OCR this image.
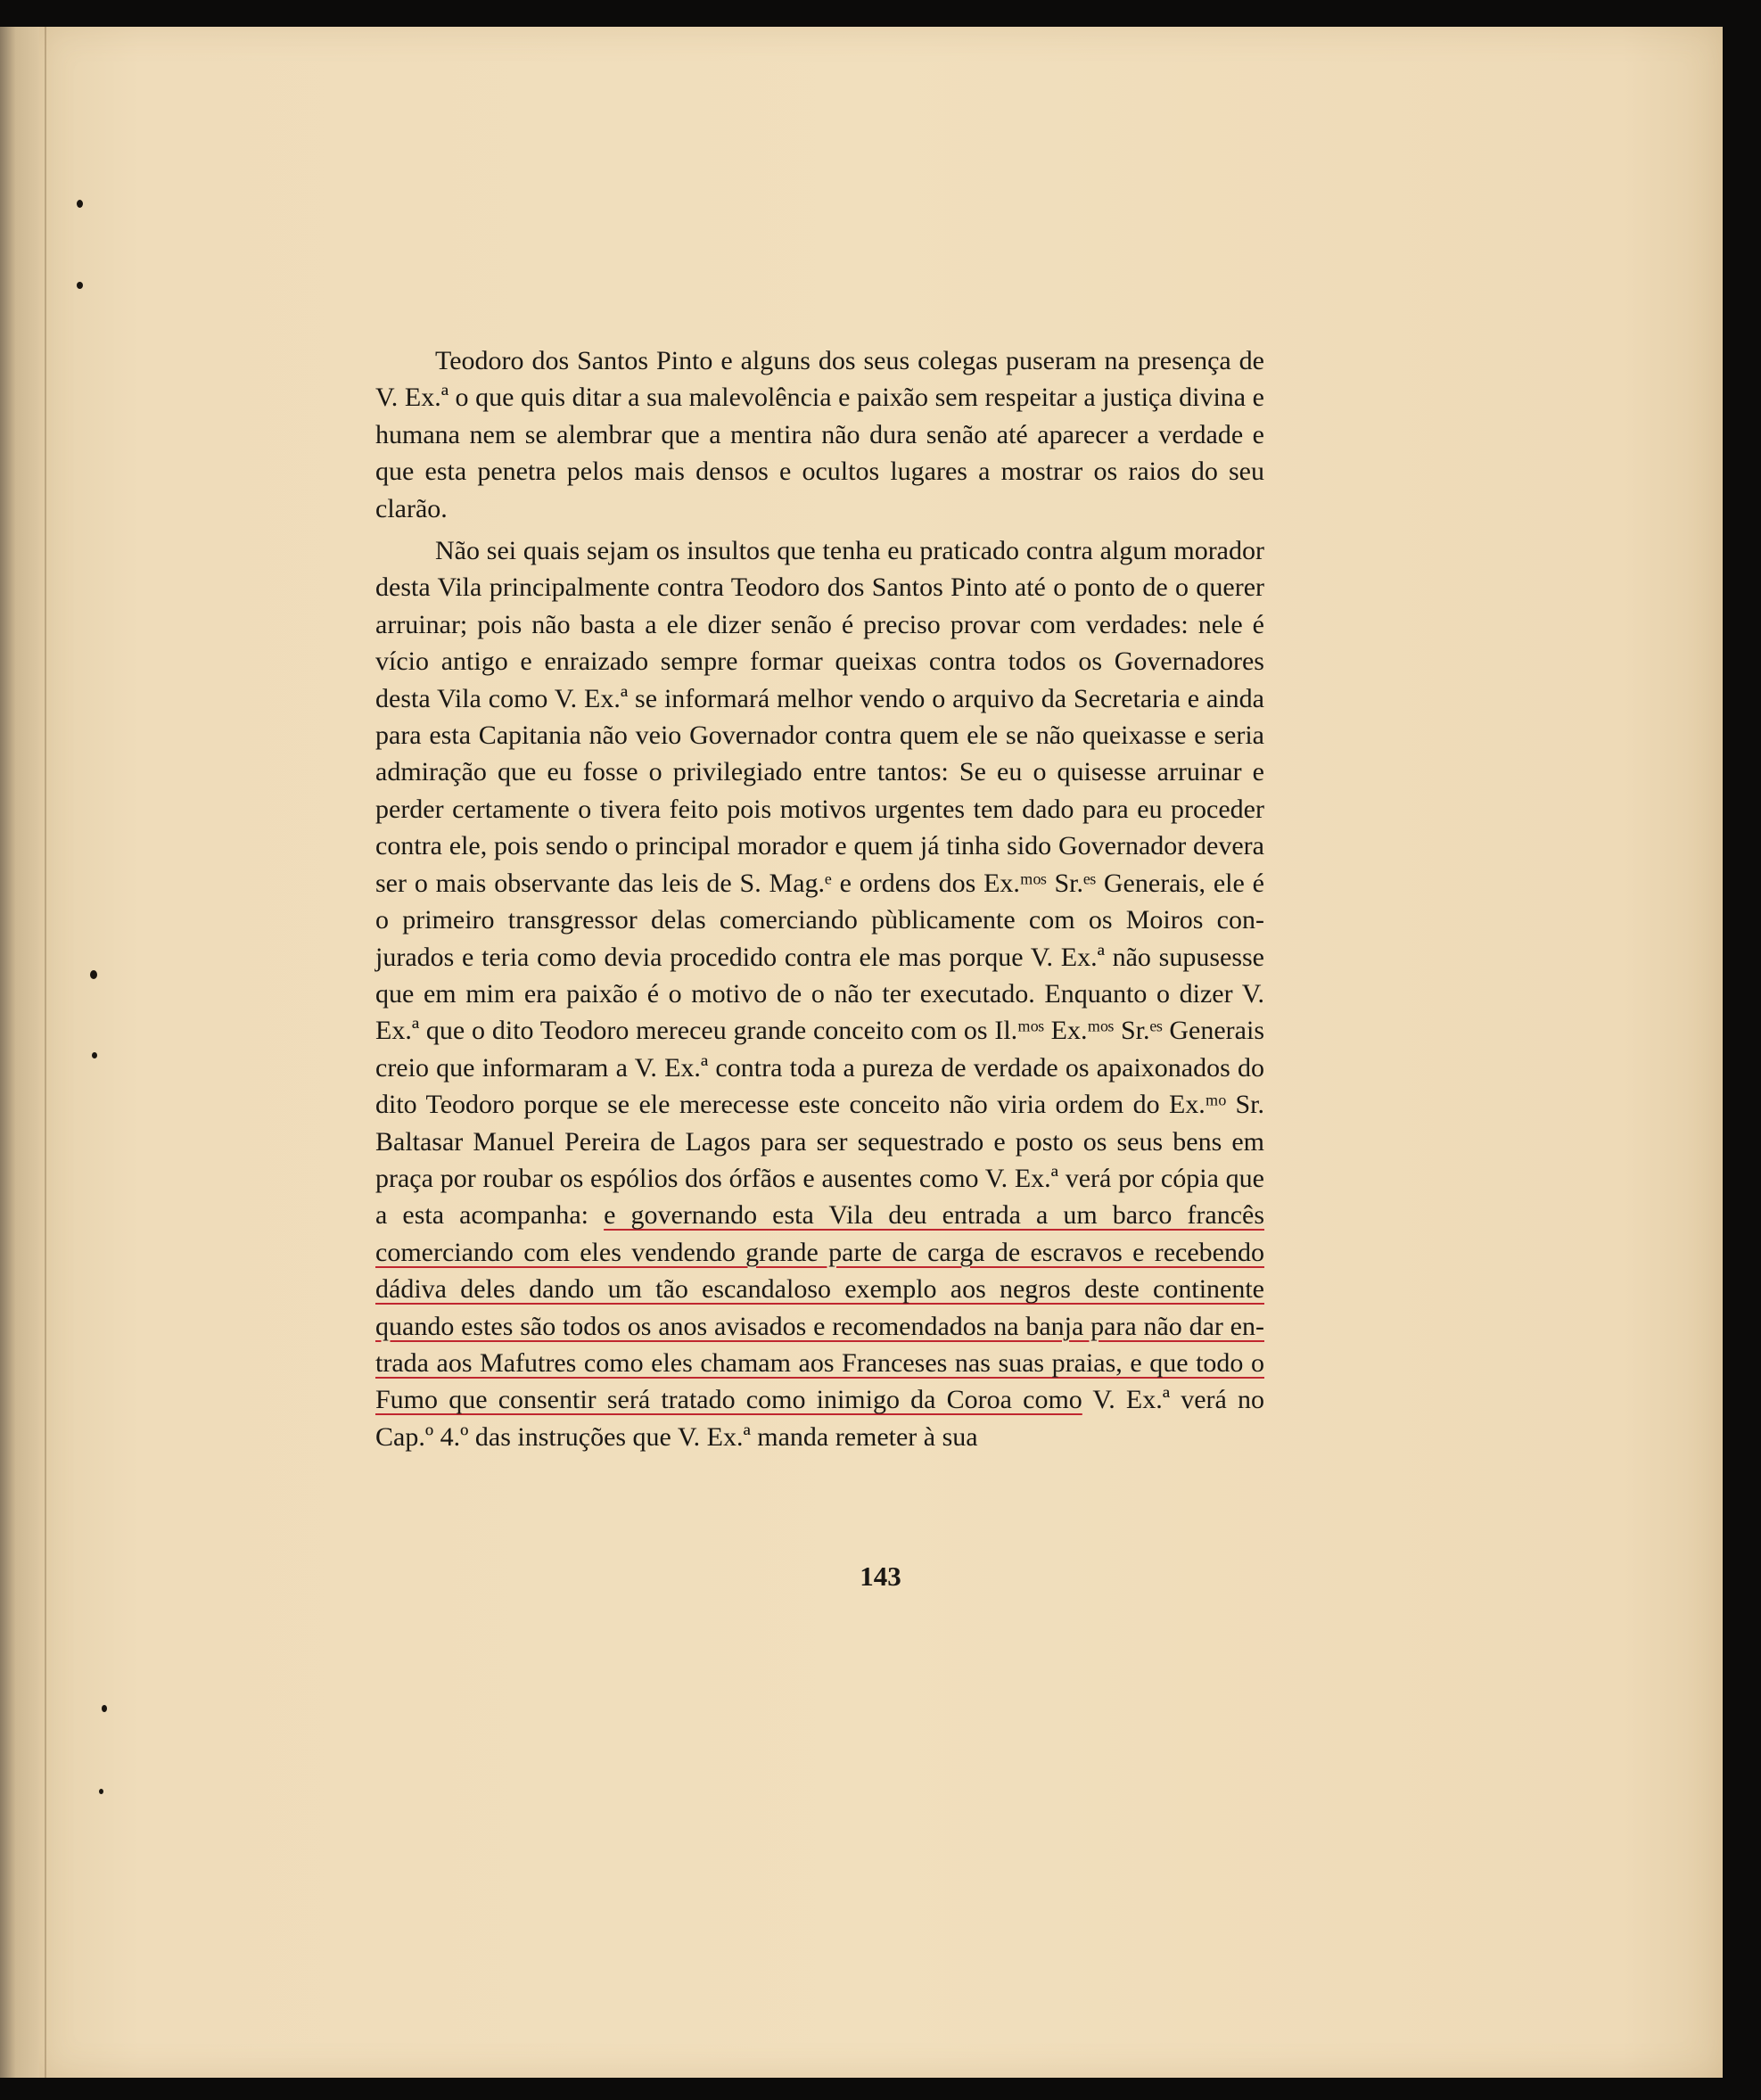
Teodoro dos Santos Pinto e alguns dos seus colegas puseram na presença de V. Ex.ª o que quis ditar a sua malevolência e paixão sem respeitar a justiça divina e humana nem se alembrar que a mentira não dura senão até aparecer a verdade e que esta penetra pelos mais densos e ocultos lugares a mostrar os raios do seu clarão.

Não sei quais sejam os insultos que tenha eu praticado contra algum morador desta Vila principalmente contra Teodoro dos Santos Pinto até o ponto de o querer arruinar; pois não basta a ele dizer senão é preciso provar com verdades: nele é vício antigo e enraizado sempre formar queixas contra todos os Governadores desta Vila como V. Ex.ª se informará melhor vendo o arquivo da Secretaria e ainda para esta Capitania não veio Governador contra quem ele se não queixasse e seria admiração que eu fosse o privilegiado entre tantos: Se eu o quisesse arruinar e perder certamente o tivera feito pois motivos urgentes tem dado para eu proceder contra ele, pois sendo o principal morador e quem já tinha sido Governador devera ser o mais observante das leis de S. Mag.ᵉ e ordens dos Ex.ᵐᵒˢ Sr.ᵉˢ Generais, ele é o primeiro transgressor delas comerciando pùblicamente com os Moiros conjurados e teria como devia procedido contra ele mas porque V. Ex.ª não supusesse que em mim era paixão é o motivo de o não ter executado. Enquanto o dizer V. Ex.ª que o dito Teodoro mereceu grande conceito com os Il.ᵐᵒˢ Ex.ᵐᵒˢ Sr.ᵉˢ Generais creio que informaram a V. Ex.ª contra toda a pureza de verdade os apaixonados do dito Teodoro porque se ele merecesse este conceito não viria ordem do Ex.ᵐᵒ Sr. Baltasar Manuel Pereira de Lagos para ser sequestrado e posto os seus bens em praça por roubar os espólios dos órfãos e ausentes como V. Ex.ª verá por cópia que a esta acompanha: e governando esta Vila deu entrada a um barco francês comerciando com eles vendendo grande parte de carga de escravos e recebendo dádiva deles dando um tão escandaloso exemplo aos negros deste continente quando estes são todos os anos avisados e recomendados na banja para não dar entrada aos Mafutres como eles chamam aos Franceses nas suas praias, e que todo o Fumo que consentir será tratado como inimigo da Coroa como V. Ex.ª verá no Cap.º 4.º das instruções que V. Ex.ª manda remeter à sua

143
